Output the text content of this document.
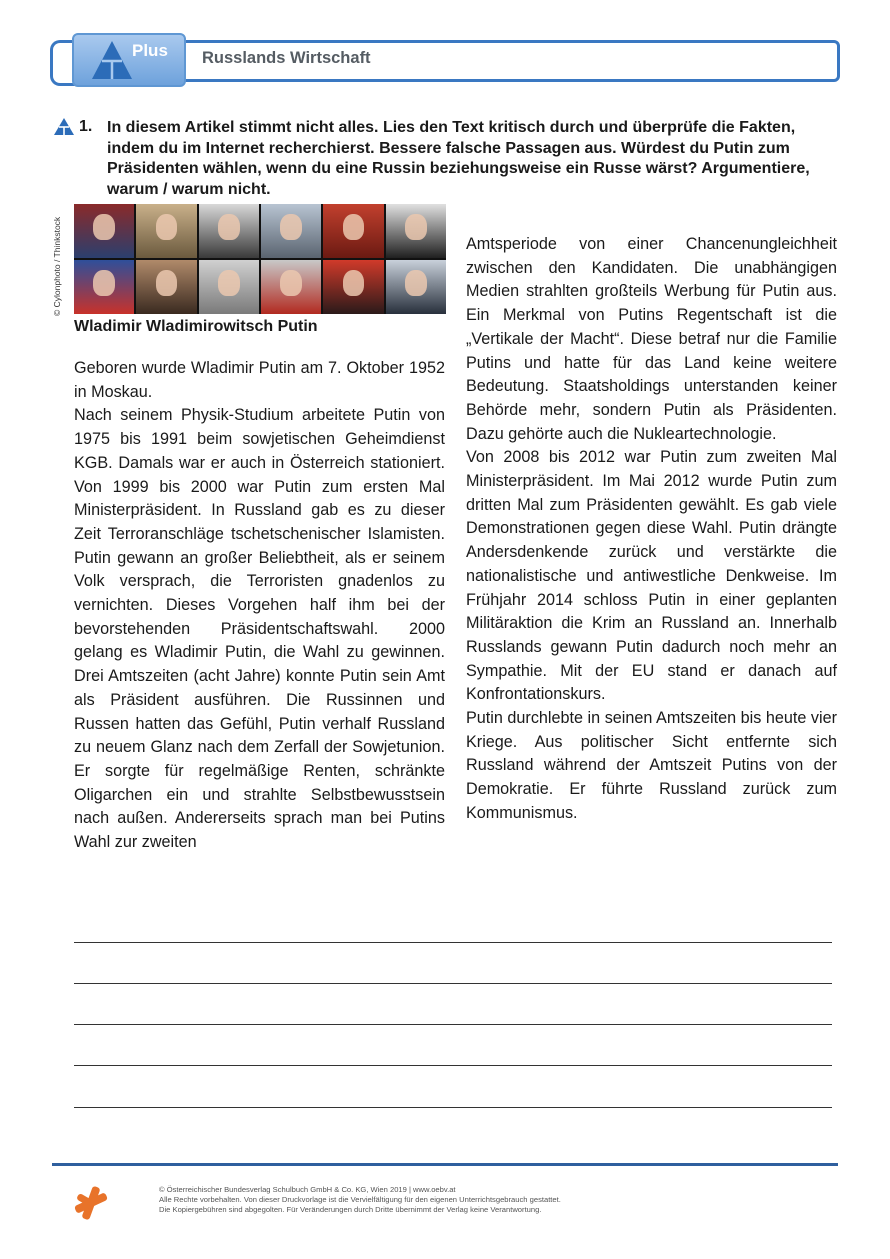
Plus Russlands Wirtschaft
1. In diesem Artikel stimmt nicht alles. Lies den Text kritisch durch und überprüfe die Fakten, indem du im Internet recherchierst. Bessere falsche Passagen aus. Würdest du Putin zum Präsidenten wählen, wenn du eine Russin beziehungsweise ein Russe wärst? Argumentiere, warum / warum nicht.
© Cylonphoto / Thinkstock
Wladimir Wladimirowitsch Putin

Geboren wurde Wladimir Putin am 7. Oktober 1952 in Moskau.

Nach seinem Physik-Studium arbeitete Putin von 1975 bis 1991 beim sowjetischen Geheimdienst KGB. Damals war er auch in Österreich stationiert. Von 1999 bis 2000 war Putin zum ersten Mal Ministerpräsident. In Russland gab es zu dieser Zeit Terroranschläge tschetschenischer Islamisten. Putin gewann an großer Beliebtheit, als er seinem Volk versprach, die Terroristen gnadenlos zu vernichten. Dieses Vorgehen half ihm bei der bevorstehenden Präsidentschaftswahl. 2000 gelang es Wladimir Putin, die Wahl zu gewinnen. Drei Amtszeiten (acht Jahre) konnte Putin sein Amt als Präsident ausführen. Die Russinnen und Russen hatten das Gefühl, Putin verhalf Russland zu neuem Glanz nach dem Zerfall der Sowjetunion. Er sorgte für regelmäßige Renten, schränkte Oligarchen ein und strahlte Selbstbewusstsein nach außen. Andererseits sprach man bei Putins Wahl zur zweiten

Amtsperiode von einer Chancenungleichheit zwischen den Kandidaten. Die unabhängigen Medien strahlten großteils Werbung für Putin aus. Ein Merkmal von Putins Regentschaft ist die „Vertikale der Macht“. Diese betraf nur die Familie Putins und hatte für das Land keine weitere Bedeutung. Staatsholdings unterstanden keiner Behörde mehr, sondern Putin als Präsidenten. Dazu gehörte auch die Nukleartechnologie.

Von 2008 bis 2012 war Putin zum zweiten Mal Ministerpräsident. Im Mai 2012 wurde Putin zum dritten Mal zum Präsidenten gewählt. Es gab viele Demonstrationen gegen diese Wahl. Putin drängte Andersdenkende zurück und verstärkte die nationalistische und antiwestliche Denkweise. Im Frühjahr 2014 schloss Putin in einer geplanten Militäraktion die Krim an Russland an. Innerhalb Russlands gewann Putin dadurch noch mehr an Sympathie. Mit der EU stand er danach auf Konfrontationskurs.

Putin durchlebte in seinen Amtszeiten bis heute vier Kriege. Aus politischer Sicht entfernte sich Russland während der Amtszeit Putins von der Demokratie. Er führte Russland zurück zum Kommunismus.

© Österreichischer Bundesverlag Schulbuch GmbH & Co. KG, Wien 2019 | www.oebv.at
Alle Rechte vorbehalten. Von dieser Druckvorlage ist die Vervielfältigung für den eigenen Unterrichtsgebrauch gestattet.
Die Kopiergebühren sind abgegolten. Für Veränderungen durch Dritte übernimmt der Verlag keine Verantwortung.
